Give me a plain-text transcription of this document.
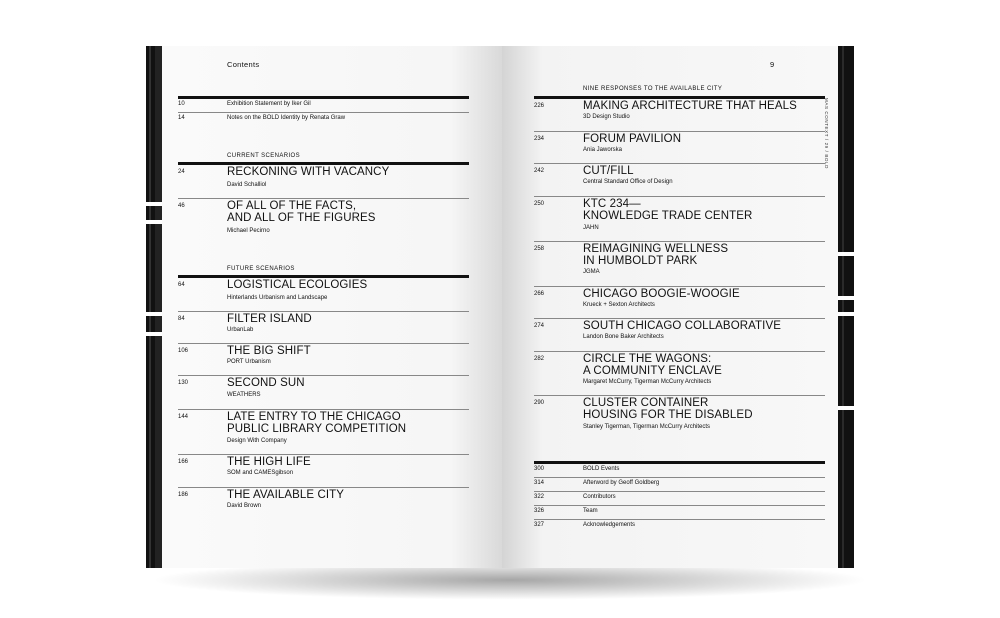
Contents
10	Exhibition Statement by Iker Gil
14	Notes on the BOLD Identity by Renata Graw
CURRENT SCENARIOS
24	RECKONING WITH VACANCY
David Schalliol
46	OF ALL OF THE FACTS,
AND ALL OF THE FIGURES
Michael Pecirno
FUTURE SCENARIOS
64	LOGISTICAL ECOLOGIES
Hinterlands Urbanism and Landscape
84	FILTER ISLAND
UrbanLab
106	THE BIG SHIFT
PORT Urbanism
130	SECOND SUN
WEATHERS
144	LATE ENTRY TO THE CHICAGO
PUBLIC LIBRARY COMPETITION
Design With Company
166	THE HIGH LIFE
SOM and CAMESgibson
186	THE AVAILABLE CITY
David Brown
9
NINE RESPONSES TO THE AVAILABLE CITY
226	MAKING ARCHITECTURE THAT HEALS
3D Design Studio
234	FORUM PAVILION
Ania Jaworska
242	CUT/FILL
Central Standard Office of Design
250	KTC 234—
KNOWLEDGE TRADE CENTER
JAHN
258	REIMAGINING WELLNESS
IN HUMBOLDT PARK
JGMA
266	CHICAGO BOOGIE-WOOGIE
Krueck + Sexton Architects
274	SOUTH CHICAGO COLLABORATIVE
Landon Bone Baker Architects
282	CIRCLE THE WAGONS:
A COMMUNITY ENCLAVE
Margaret McCurry, Tigerman McCurry Architects
290	CLUSTER CONTAINER
HOUSING FOR THE DISABLED
Stanley Tigerman, Tigerman McCurry Architects
300	BOLD Events
314	Afterword by Geoff Goldberg
322	Contributors
326	Team
327	Acknowledgements
MAS CONTEXT / 29 / BOLD
